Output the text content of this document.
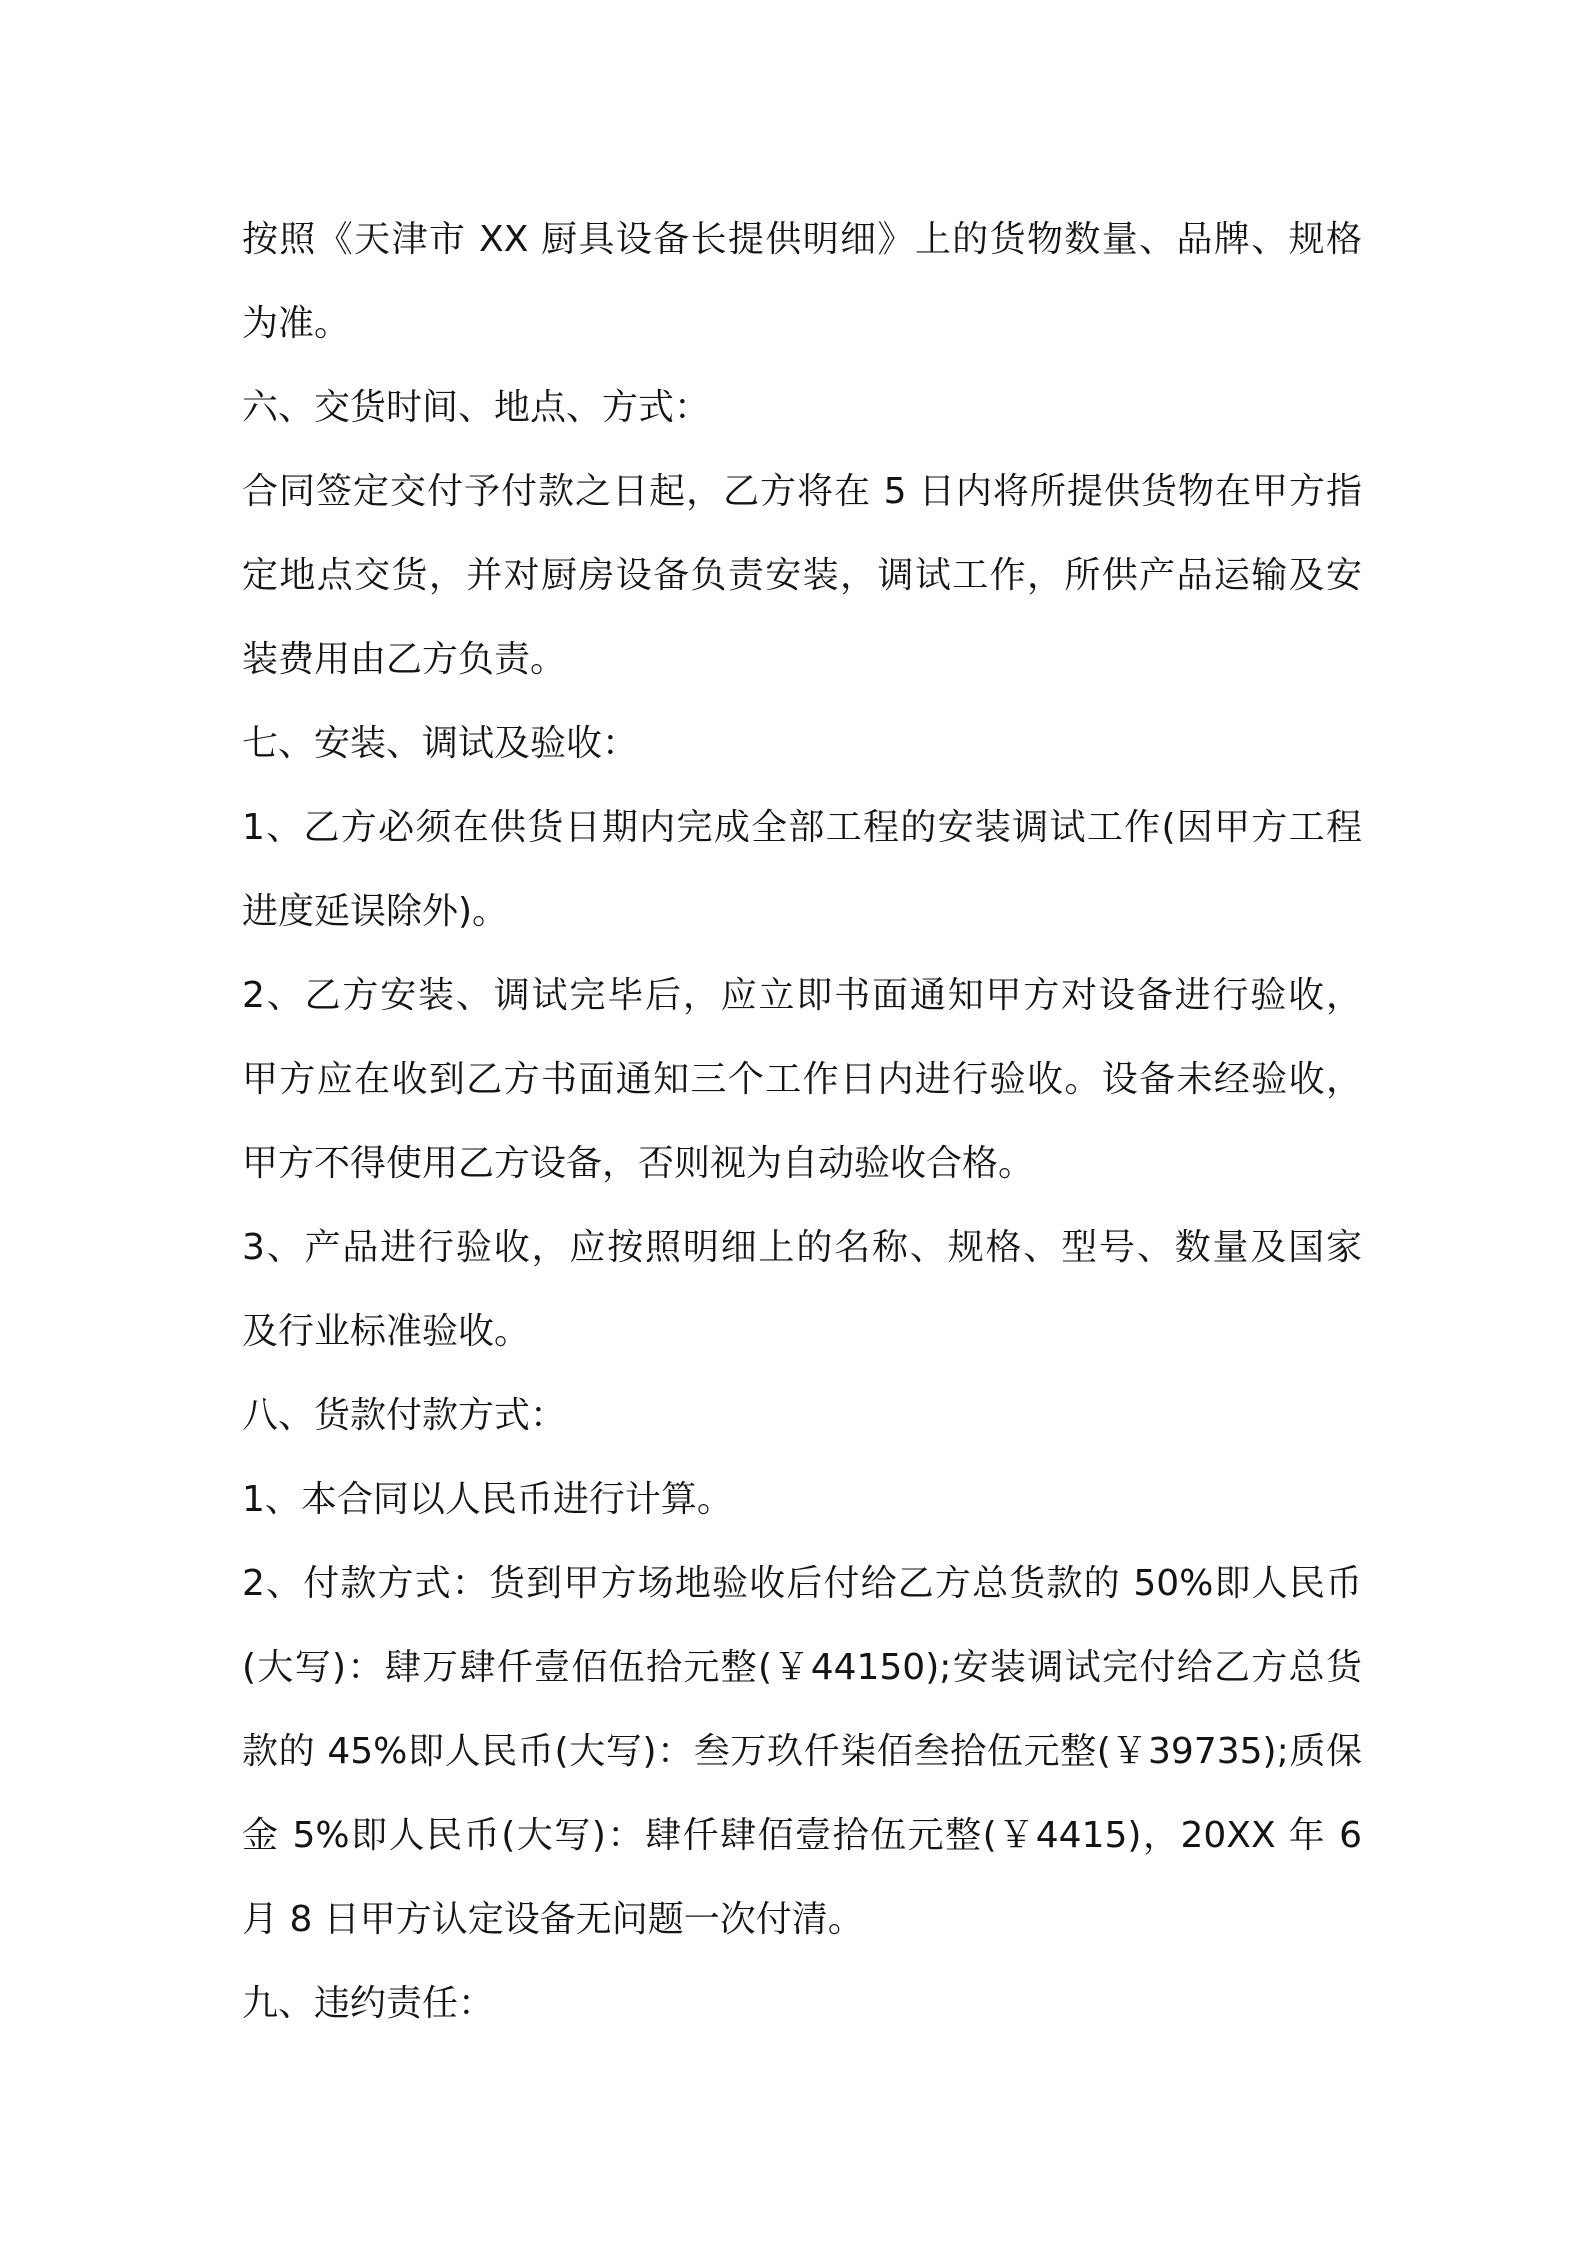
按照《天津市 XX 厨具设备长提供明细》上的货物数量、品牌、规格
为准。
六、交货时间、地点、方式：
合同签定交付予付款之日起，乙方将在 5 日内将所提供货物在甲方指
定地点交货，并对厨房设备负责安装，调试工作，所供产品运输及安
装费用由乙方负责。
七、安装、调试及验收：
1、乙方必须在供货日期内完成全部工程的安装调试工作(因甲方工程
进度延误除外)。
2、乙方安装、调试完毕后，应立即书面通知甲方对设备进行验收，
甲方应在收到乙方书面通知三个工作日内进行验收。设备未经验收，
甲方不得使用乙方设备，否则视为自动验收合格。
3、产品进行验收，应按照明细上的名称、规格、型号、数量及国家
及行业标准验收。
八、货款付款方式：
1、本合同以人民币进行计算。
2、付款方式：货到甲方场地验收后付给乙方总货款的 50%即人民币
(大写)：肆万肆仟壹佰伍拾元整(￥44150);安装调试完付给乙方总货
款的 45%即人民币(大写)：叁万玖仟柒佰叁拾伍元整(￥39735);质保
金 5%即人民币(大写)：肆仟肆佰壹拾伍元整(￥4415)，20XX 年 6
月 8 日甲方认定设备无问题一次付清。
九、违约责任：
